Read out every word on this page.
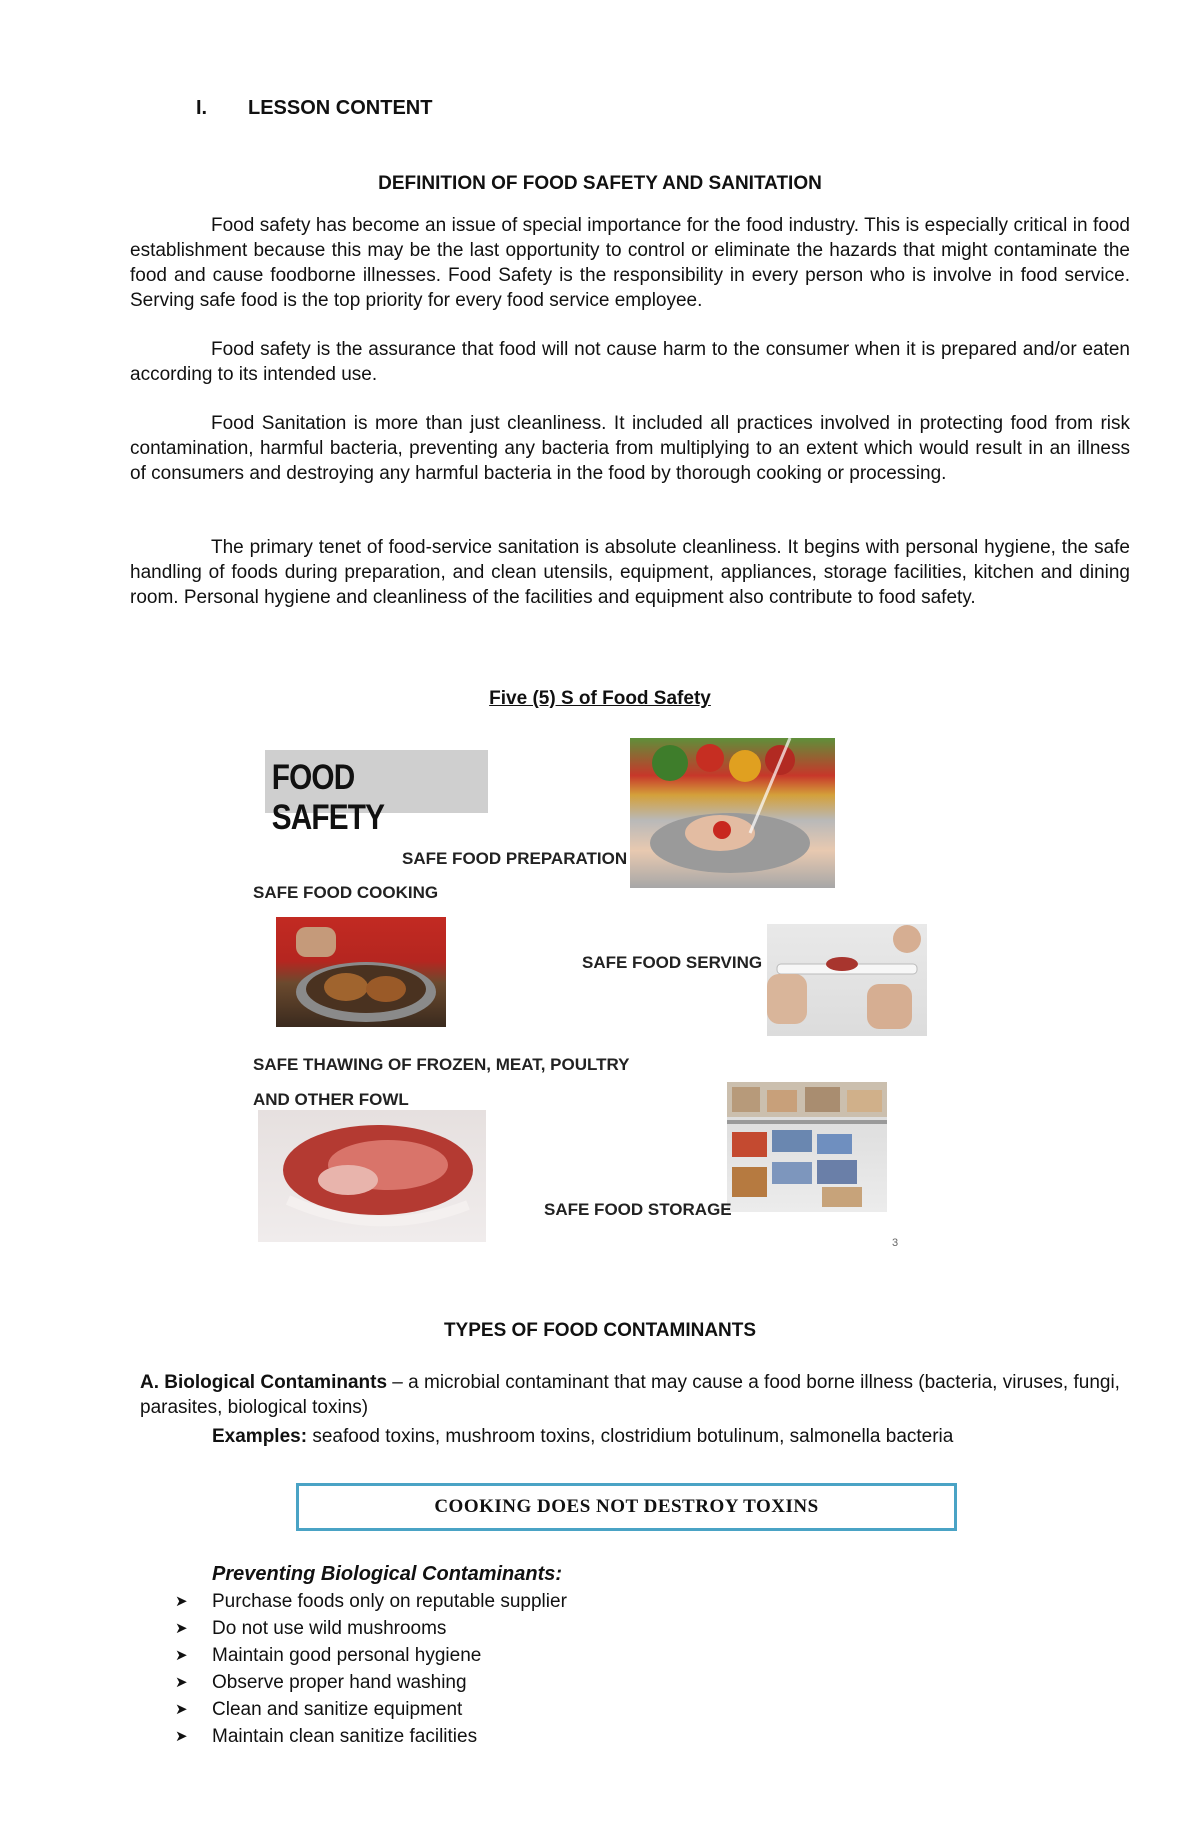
I. LESSON CONTENT
DEFINITION OF FOOD SAFETY AND SANITATION

Food safety has become an issue of special importance for the food industry. This is especially critical in food establishment because this may be the last opportunity to control or eliminate the hazards that might contaminate the food and cause foodborne illnesses. Food Safety is the responsibility in every person who is involve in food service. Serving safe food is the top priority for every food service employee.

Food safety is the assurance that food will not cause harm to the consumer when it is prepared and/or eaten according to its intended use.

Food Sanitation is more than just cleanliness. It included all practices involved in protecting food from risk contamination, harmful bacteria, preventing any bacteria from multiplying to an extent which would result in an illness of consumers and destroying any harmful bacteria in the food by thorough cooking or processing.

The primary tenet of food-service sanitation is absolute cleanliness. It begins with personal hygiene, the safe handling of foods during preparation, and clean utensils, equipment, appliances, storage facilities, kitchen and dining room. Personal hygiene and cleanliness of the facilities and equipment also contribute to food safety.

Five (5) S of Food Safety
FOOD SAFETY
SAFE FOOD PREPARATION
SAFE FOOD COOKING
SAFE FOOD SERVING
SAFE THAWING OF FROZEN, MEAT, POULTRY
AND OTHER FOWL
SAFE FOOD STORAGE
3
TYPES OF FOOD CONTAMINANTS

A. Biological Contaminants – a microbial contaminant that may cause a food borne illness (bacteria, viruses, fungi, parasites, biological toxins)

Examples: seafood toxins, mushroom toxins, clostridium botulinum, salmonella bacteria

COOKING DOES NOT DESTROY TOXINS
Preventing Biological Contaminants:
➤	Purchase foods only on reputable supplier
➤	Do not use wild mushrooms
➤	Maintain good personal hygiene
➤	Observe proper hand washing
➤	Clean and sanitize equipment
➤	Maintain clean sanitize facilities
